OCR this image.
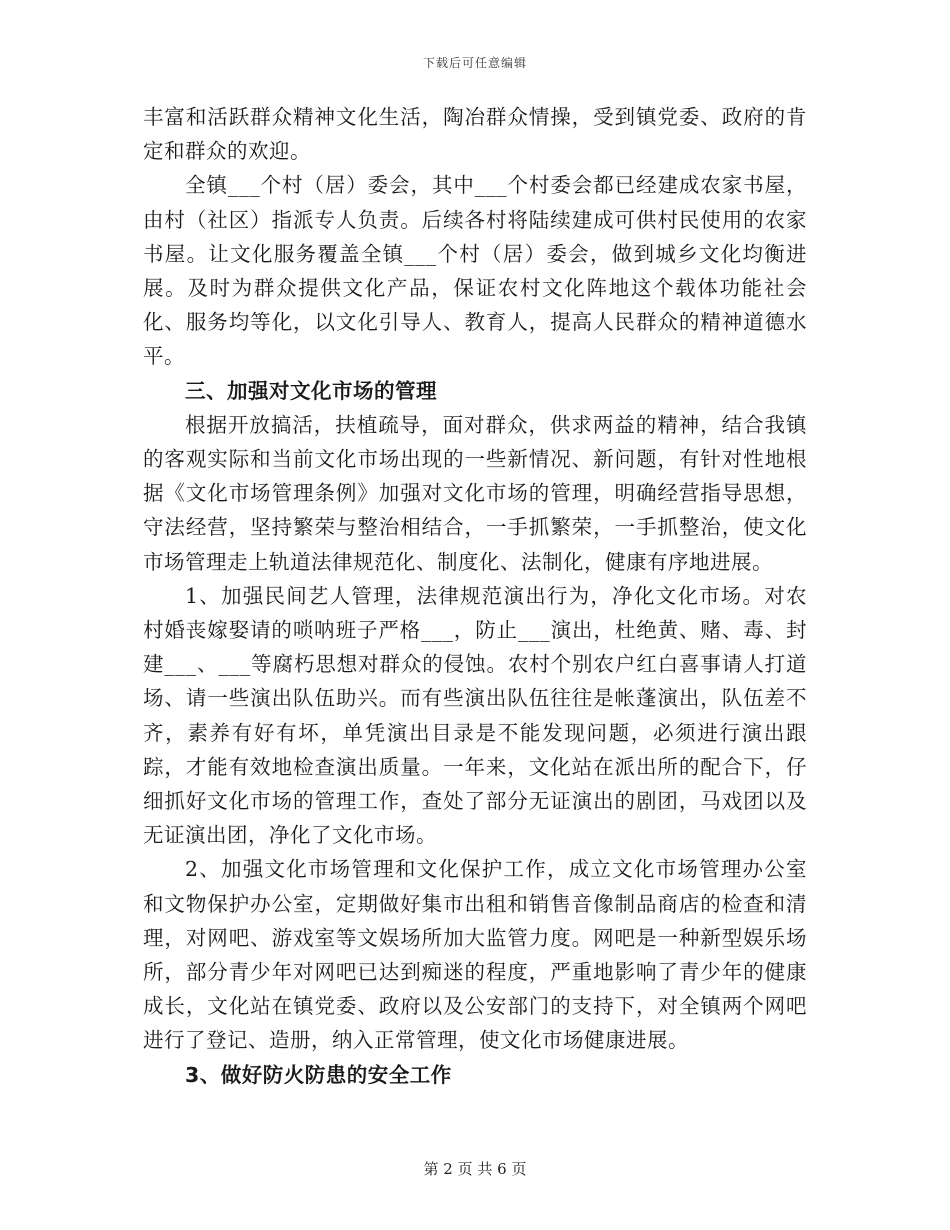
下载后可任意编辑

丰富和活跃群众精神文化生活，陶冶群众情操，受到镇党委、政府的肯定和群众的欢迎。

全镇___个村（居）委会，其中___个村委会都已经建成农家书屋，由村（社区）指派专人负责。后续各村将陆续建成可供村民使用的农家书屋。让文化服务覆盖全镇___个村（居）委会，做到城乡文化均衡进展。及时为群众提供文化产品，保证农村文化阵地这个载体功能社会化、服务均等化，以文化引导人、教育人，提高人民群众的精神道德水平。

三、加强对文化市场的管理

根据开放搞活，扶植疏导，面对群众，供求两益的精神，结合我镇的客观实际和当前文化市场出现的一些新情况、新问题，有针对性地根据《文化市场管理条例》加强对文化市场的管理，明确经营指导思想，守法经营，坚持繁荣与整治相结合，一手抓繁荣，一手抓整治，使文化市场管理走上轨道法律规范化、制度化、法制化，健康有序地进展。

1、加强民间艺人管理，法律规范演出行为，净化文化市场。对农村婚丧嫁娶请的唢呐班子严格___，防止___演出，杜绝黄、赌、毒、封建___、___等腐朽思想对群众的侵蚀。农村个别农户红白喜事请人打道场、请一些演出队伍助兴。而有些演出队伍往往是帐蓬演出，队伍差不齐，素养有好有坏，单凭演出目录是不能发现问题，必须进行演出跟踪，才能有效地检查演出质量。一年来，文化站在派出所的配合下，仔细抓好文化市场的管理工作，查处了部分无证演出的剧团，马戏团以及无证演出团，净化了文化市场。

2、加强文化市场管理和文化保护工作，成立文化市场管理办公室和文物保护办公室，定期做好集市出租和销售音像制品商店的检查和清理，对网吧、游戏室等文娱场所加大监管力度。网吧是一种新型娱乐场所，部分青少年对网吧已达到痴迷的程度，严重地影响了青少年的健康成长，文化站在镇党委、政府以及公安部门的支持下，对全镇两个网吧进行了登记、造册，纳入正常管理，使文化市场健康进展。

3、做好防火防患的安全工作

第 2 页 共 6 页
